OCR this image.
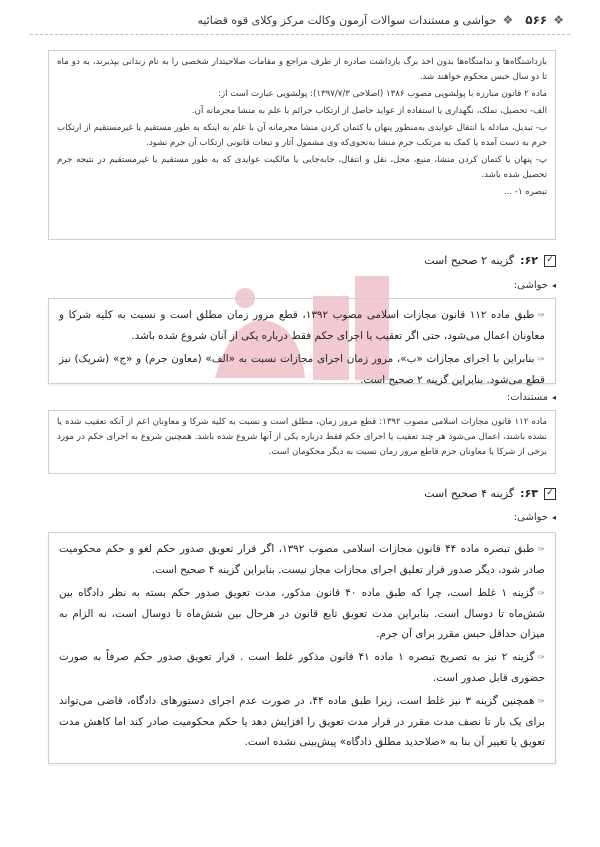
❖
۵۶۶
❖
حواشی و مستندات سوالات آزمون وکالت مرکز وکلای قوه قضائیه

بازداشتگاه‌ها و ندامتگاه‌ها بدون اخذ برگ بازداشت صادره از طرف مراجع و مقامات صلاحیتدار شخصی را به نام زندانی بپذیرند، به دو ماه تا دو سال حبس محکوم خواهند شد.

ماده ۲ قانون مبارزه با پولشویی مصوب ۱۳۸۶ (اصلاحی ۱۳۹۷/۷/۳): پولشویی عبارت است از:

الف- تحصیل، تملک، نگهداری یا استفاده از عواید حاصل از ارتکاب جرائم با علم به منشا مجرمانه آن.

ب- تبدیل، مبادله یا انتقال عوایدی به‌منظور پنهان یا کتمان کردن منشا مجرمانه آن با علم به اینکه به طور مستقیم یا غیرمستقیم از ارتکاب جرم به دست آمده یا کمک به مرتکب جرم منشا به‌نحوی‌که وی مشمول آثار و تبعات قانونی ارتکاب آن جرم نشود.

پ- پنهان یا کتمان کردن منشا، منبع، محل، نقل و انتقال، جابه‌جایی یا مالکیت عوایدی که به طور مستقیم یا غیرمستقیم در نتیجه جرم تحصیل شده باشد.

تبصره ۱- ...

✓
۶۲:
گزینه ۲ صحیح است
◂
حواشی:

✑طبق ماده ۱۱۲ قانون مجازات اسلامی مصوب ۱۳۹۲، قطع مرور زمان مطلق است و نسبت به کلیه شرکا و معاونان اعمال می‌شود، حتی اگر تعقیب یا اجرای حکم فقط درباره یکی از آنان شروع شده باشد.

✑بنابراین با اجرای مجازات «ب»، مرور زمان اجرای مجازات نسبت به «الف» (معاون جرم) و «ج» (شریک) نیز قطع می‌شود. بنابراین گزینه ۲ صحیح است.

◂
مستندات:
ماده ۱۱۲ قانون مجازات اسلامی مصوب ۱۳۹۲: قطع مرور زمان، مطلق است و نسبت به کلیه شرکا و معاونان اعم از آنکه تعقیب شده یا نشده باشند، اعمال می‌شود هر چند تعقیب یا اجرای حکم فقط درباره یکی از آنها شروع شده باشد. همچنین شروع به اجرای حکم در مورد برخی از شرکا یا معاونان جرم قاطع مرور زمان نسبت به دیگر محکومان است.
✓
۶۳:
گزینه ۴ صحیح است
◂
حواشی:

✑طبق تبصره ماده ۴۴ قانون مجازات اسلامی مصوب ۱۳۹۲، اگر قرار تعویق صدور حکم لغو و حکم محکومیت صادر شود، دیگر صدور قرار تعلیق اجرای مجازات مجاز نیست. بنابراین گزینه ۴ صحیح است.

✑گزینه ۱ غلط است، چرا که طبق ماده ۴۰ قانون مذکور، مدت تعویق صدور حکم بسته به نظر دادگاه بین شش‌ماه تا دوسال است. بنابراین مدت تعویق تابع قانون در هرحال بین شش‌ماه تا دوسال است، نه الزام به میزان حداقل حبس مقرر برای آن جرم.

✑گزینه ۲ نیز به تصریح تبصره ۱ ماده ۴۱ قانون مذکور غلط است . قرار تعویق صدور حکم صرفاً به صورت حضوری قابل صدور است.

✑همچنین گزینه ۳ نیز غلط است، زیرا طبق ماده ۴۴، در صورت عدم اجرای دستورهای دادگاه، قاضی می‌تواند برای یک بار تا نصف مدت مقرر در قرار مدت تعویق را افزایش دهد یا حکم محکومیت صادر کند اما کاهش مدت تعویق یا تغییر آن بنا به «صلاحدید مطلق دادگاه» پیش‌بینی نشده است.
